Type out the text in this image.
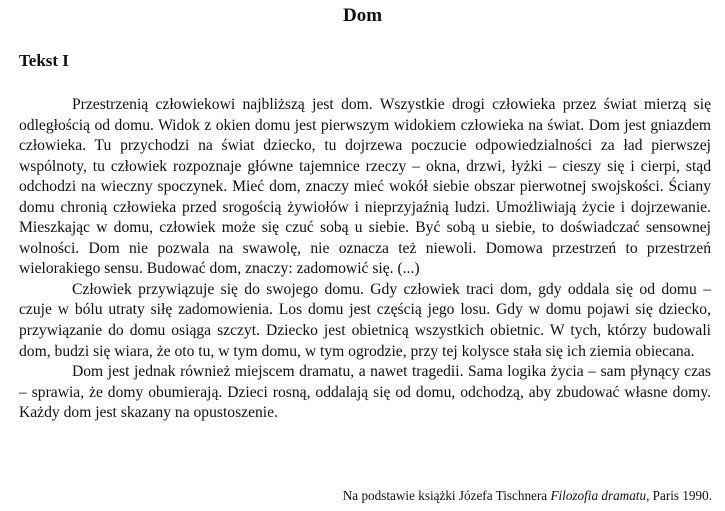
Dom
Tekst I

Przestrzenią człowiekowi najbliższą jest dom. Wszystkie drogi człowieka przez świat mierzą się odległością od domu. Widok z okien domu jest pierwszym widokiem człowieka na świat. Dom jest gniazdem człowieka. Tu przychodzi na świat dziecko, tu dojrzewa poczucie odpowiedzialności za ład pierwszej wspólnoty, tu człowiek rozpoznaje główne tajemnice rzeczy – okna, drzwi, łyżki – cieszy się i cierpi, stąd odchodzi na wieczny spoczynek. Mieć dom, znaczy mieć wokół siebie obszar pierwotnej swojskości. Ściany domu chronią człowieka przed srogością żywiołów i nieprzyjaźnią ludzi. Umożliwiają życie i dojrzewanie. Mieszkając w domu, człowiek może się czuć sobą u siebie. Być sobą u siebie, to doświadczać sensownej wolności. Dom nie pozwala na swawolę, nie oznacza też niewoli. Domowa przestrzeń to przestrzeń wielorakiego sensu. Budować dom, znaczy: zadomowić się. (...)

Człowiek przywiązuje się do swojego domu. Gdy człowiek traci dom, gdy oddala się od domu – czuje w bólu utraty siłę zadomowienia. Los domu jest częścią jego losu. Gdy w domu pojawi się dziecko, przywiązanie do domu osiąga szczyt. Dziecko jest obietnicą wszystkich obietnic. W tych, którzy budowali dom, budzi się wiara, że oto tu, w tym domu, w tym ogrodzie, przy tej kolysce stała się ich ziemia obiecana.

Dom jest jednak również miejscem dramatu, a nawet tragedii. Sama logika życia – sam płynący czas – sprawia, że domy obumierają. Dzieci rosną, oddalają się od domu, odchodzą, aby zbudować własne domy. Każdy dom jest skazany na opustoszenie.

Na podstawie książki Józefa Tischnera Filozofia dramatu, Paris 1990.
